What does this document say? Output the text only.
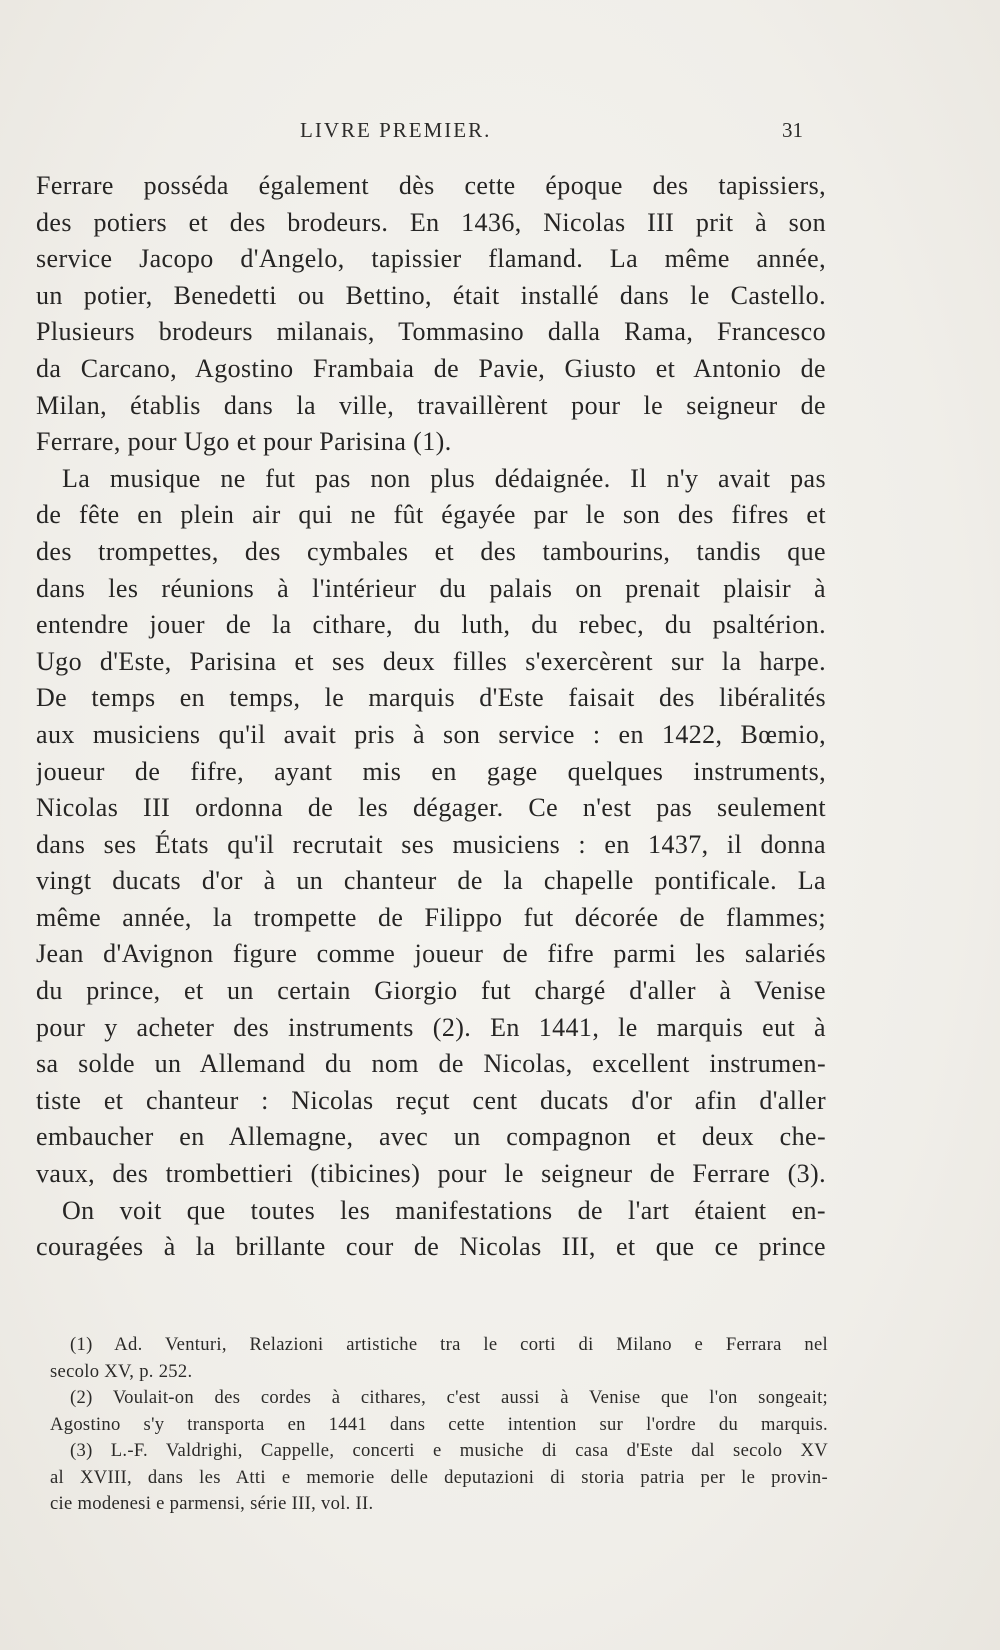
LIVRE PREMIER.	31
Ferrare posséda également dès cette époque des tapissiers,
des potiers et des brodeurs. En 1436, Nicolas III prit à son
service Jacopo d'Angelo, tapissier flamand. La même année,
un potier, Benedetti ou Bettino, était installé dans le Castello.
Plusieurs brodeurs milanais, Tommasino dalla Rama, Francesco
da Carcano, Agostino Frambaia de Pavie, Giusto et Antonio de
Milan, établis dans la ville, travaillèrent pour le seigneur de
Ferrare, pour Ugo et pour Parisina (1).
La musique ne fut pas non plus dédaignée. Il n'y avait pas
de fête en plein air qui ne fût égayée par le son des fifres et
des trompettes, des cymbales et des tambourins, tandis que
dans les réunions à l'intérieur du palais on prenait plaisir à
entendre jouer de la cithare, du luth, du rebec, du psaltérion.
Ugo d'Este, Parisina et ses deux filles s'exercèrent sur la harpe.
De temps en temps, le marquis d'Este faisait des libéralités
aux musiciens qu'il avait pris à son service : en 1422, Bœmio,
joueur de fifre, ayant mis en gage quelques instruments,
Nicolas III ordonna de les dégager. Ce n'est pas seulement
dans ses États qu'il recrutait ses musiciens : en 1437, il donna
vingt ducats d'or à un chanteur de la chapelle pontificale. La
même année, la trompette de Filippo fut décorée de flammes;
Jean d'Avignon figure comme joueur de fifre parmi les salariés
du prince, et un certain Giorgio fut chargé d'aller à Venise
pour y acheter des instruments (2). En 1441, le marquis eut à
sa solde un Allemand du nom de Nicolas, excellent instrumen-
tiste et chanteur : Nicolas reçut cent ducats d'or afin d'aller
embaucher en Allemagne, avec un compagnon et deux che-
vaux, des trombettieri (tibicines) pour le seigneur de Ferrare (3).
On voit que toutes les manifestations de l'art étaient en-
couragées à la brillante cour de Nicolas III, et que ce prince
(1) Ad. Venturi, Relazioni artistiche tra le corti di Milano e Ferrara nel
secolo XV, p. 252.
(2) Voulait-on des cordes à cithares, c'est aussi à Venise que l'on songeait;
Agostino s'y transporta en 1441 dans cette intention sur l'ordre du marquis.
(3) L.-F. Valdrighi, Cappelle, concerti e musiche di casa d'Este dal secolo XV
al XVIII, dans les Atti e memorie delle deputazioni di storia patria per le provin-
cie modenesi e parmensi, série III, vol. II.
